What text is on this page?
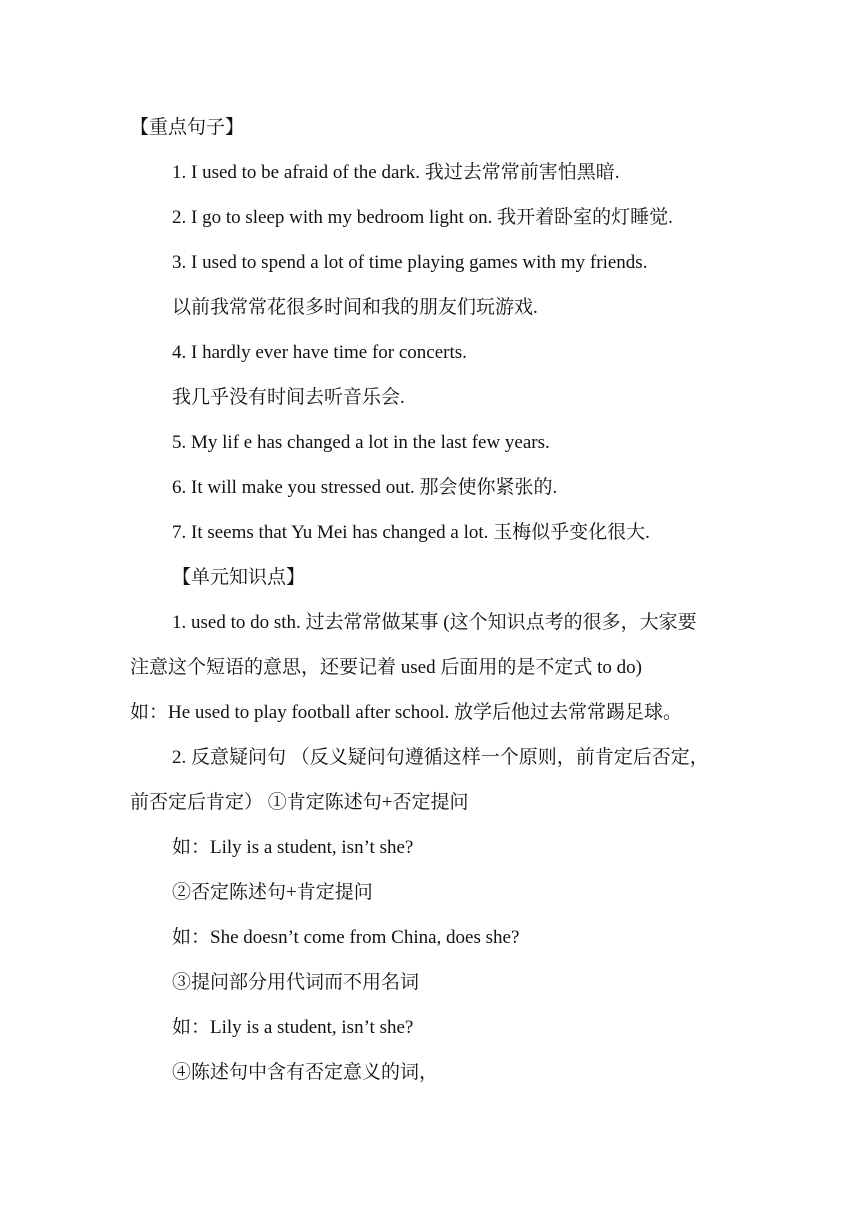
【重点句子】
1. I used to be afraid of the dark. 我过去常常前害怕黑暗.
2. I go to sleep with my bedroom light on. 我开着卧室的灯睡觉.
3. I used to spend a lot of time playing games with my friends.
以前我常常花很多时间和我的朋友们玩游戏.
4. I hardly ever have time for concerts.
我几乎没有时间去听音乐会.
5. My lif e has changed a lot in the last few years.
6. It will make you stressed out. 那会使你紧张的.
7. It seems that Yu Mei has changed a lot. 玉梅似乎变化很大.
【单元知识点】
1. used to do sth. 过去常常做某事 (这个知识点考的很多，大家要
注意这个短语的意思，还要记着 used 后面用的是不定式 to do)
如：He used to play football after school. 放学后他过去常常踢足球。
2. 反意疑问句 （反义疑问句遵循这样一个原则，前肯定后否定，
前否定后肯定） ①肯定陈述句+否定提问
如：Lily is a student, isn’t she?
②否定陈述句+肯定提问
如：She doesn’t come from China, does she?
③提问部分用代词而不用名词
如：Lily is a student, isn’t she?
④陈述句中含有否定意义的词，
